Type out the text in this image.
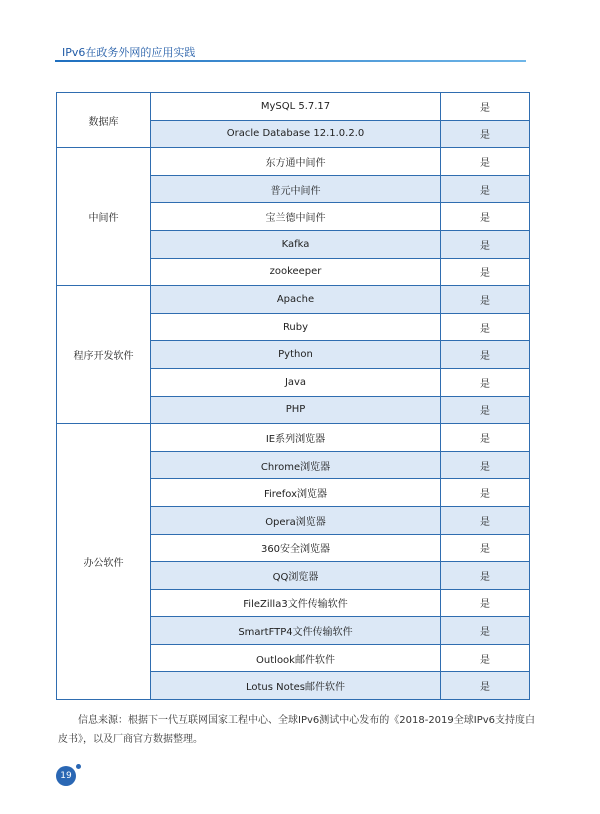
IPv6在政务外网的应用实践
数据库	MySQL 5.7.17	是
	Oracle Database 12.1.0.2.0	是
中间件	东方通中间件	是
	普元中间件	是
	宝兰德中间件	是
	Kafka	是
	zookeeper	是
程序开发软件	Apache	是
	Ruby	是
	Python	是
	Java	是
	PHP	是
办公软件	IE系列浏览器	是
	Chrome浏览器	是
	Firefox浏览器	是
	Opera浏览器	是
	360安全浏览器	是
	QQ浏览器	是
	FileZilla3文件传输软件	是
	SmartFTP4文件传输软件	是
	Outlook邮件软件	是
	Lotus Notes邮件软件	是
信息来源：根据下一代互联网国家工程中心、全球IPv6测试中心发布的《2018-2019全球IPv6支持度白皮书》，以及厂商官方数据整理。
19
